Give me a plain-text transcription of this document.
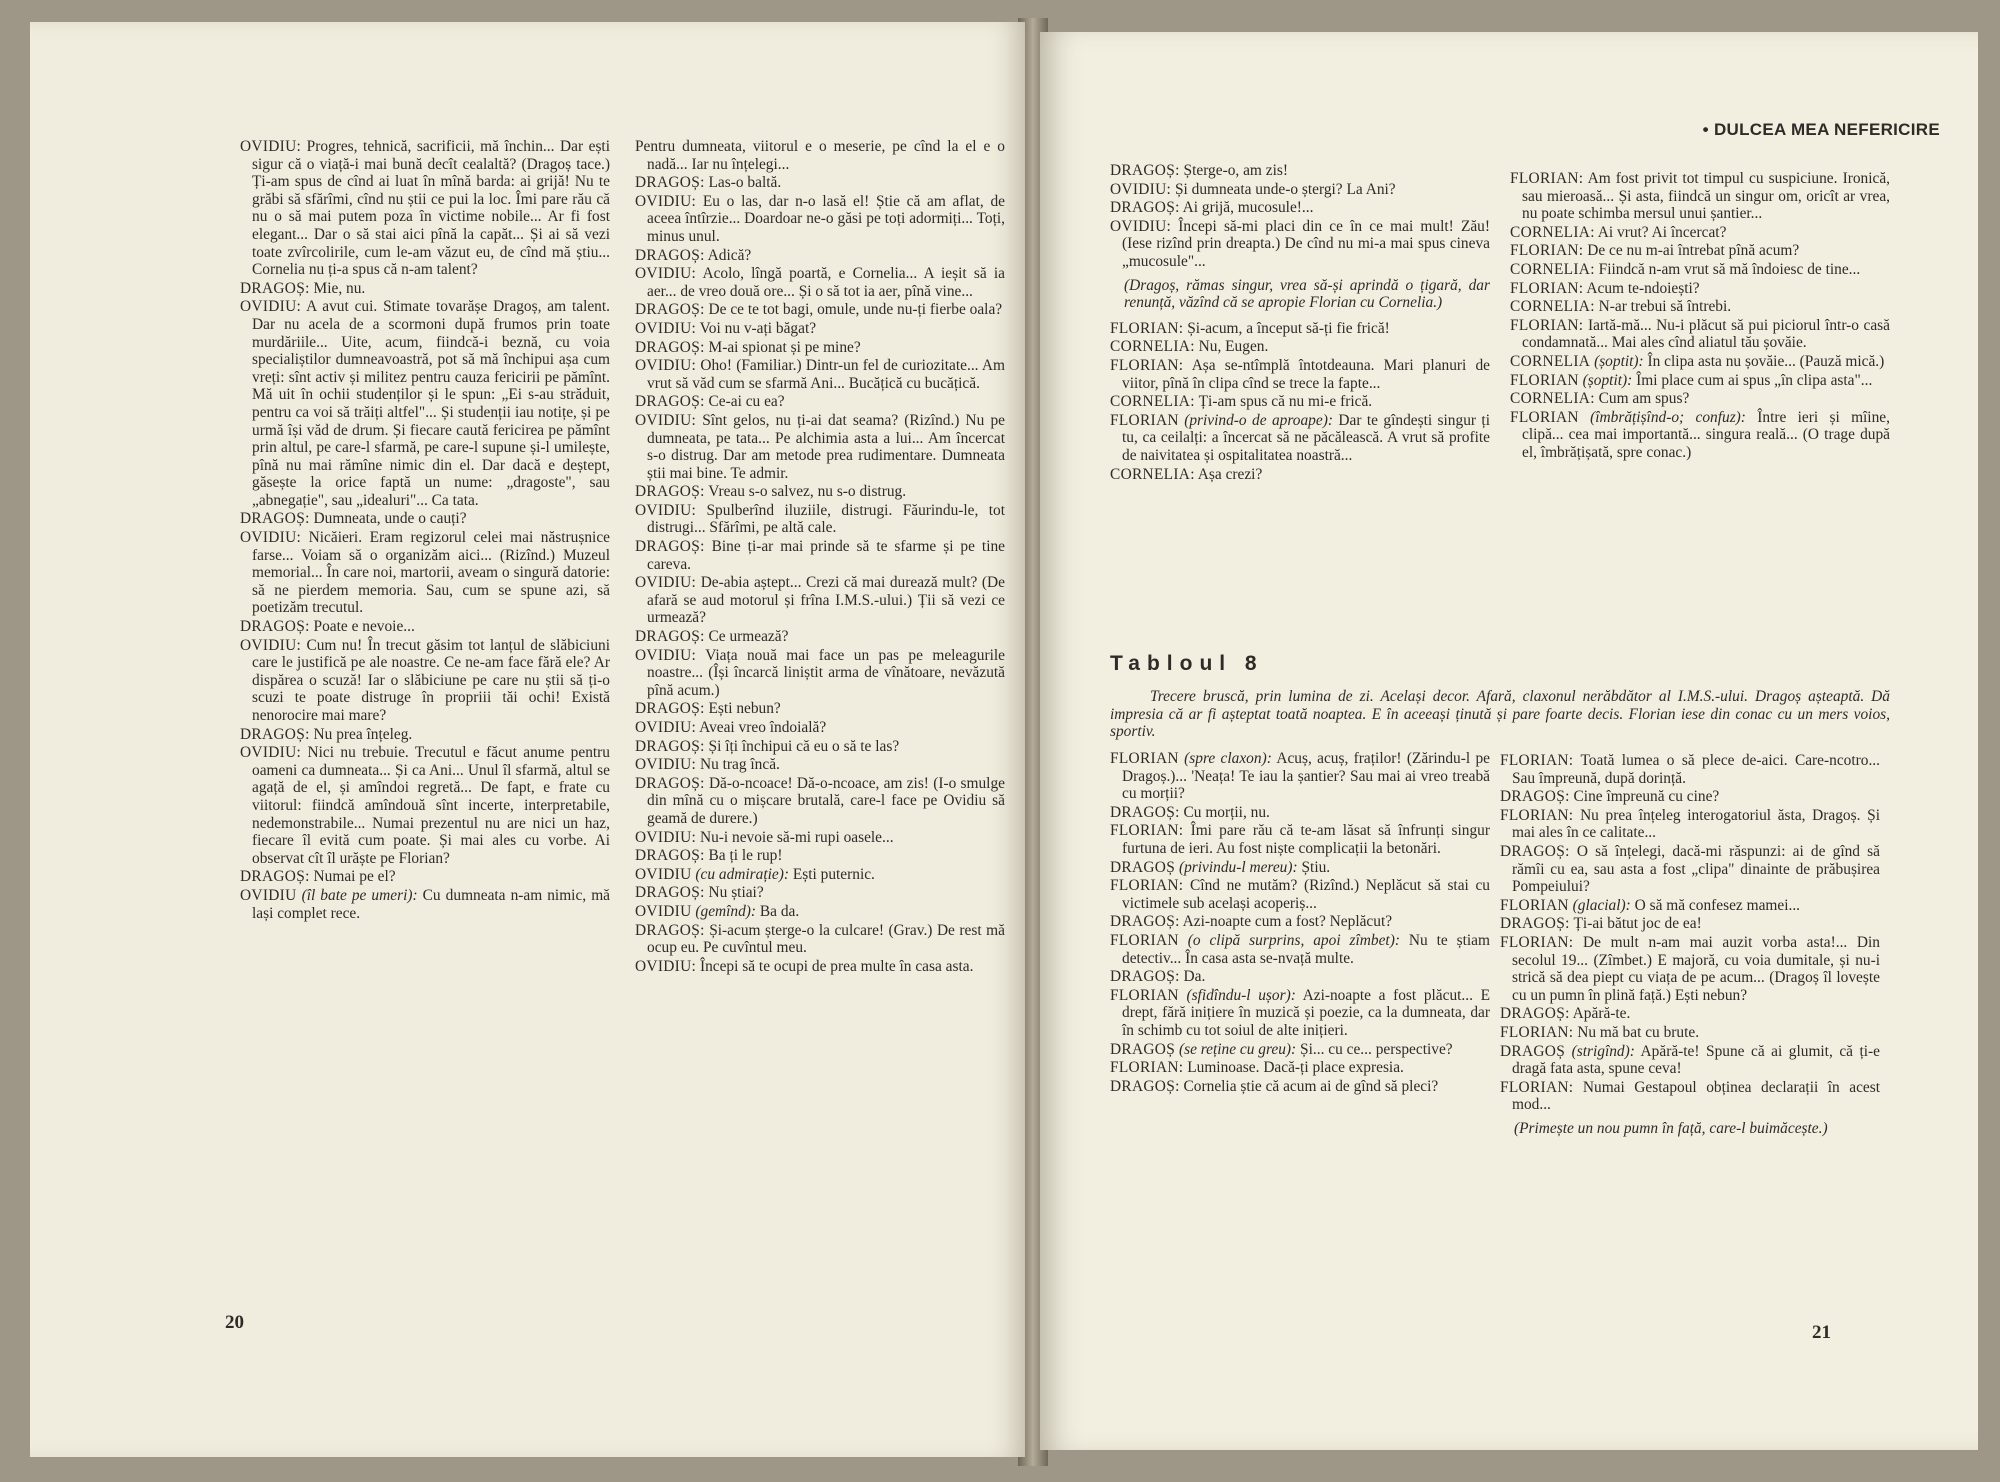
OVIDIU: Progres, tehnică, sacrificii, mă închin... Dar ești sigur că o viață-i mai bună decît cealaltă? (Dragoș tace.) Ți-am spus de cînd ai luat în mînă barda: ai grijă! Nu te grăbi să sfărîmi, cînd nu știi ce pui la loc. Îmi pare rău că nu o să mai putem poza în victime nobile... Ar fi fost elegant... Dar o să stai aici pînă la capăt... Și ai să vezi toate zvîrcolirile, cum le-am văzut eu, de cînd mă știu... Cornelia nu ți-a spus că n-am talent?

DRAGOȘ: Mie, nu.

OVIDIU: A avut cui. Stimate tovarășe Dragoș, am talent. Dar nu acela de a scormoni după frumos prin toate murdăriile... Uite, acum, fiindcă-i beznă, cu voia specialiștilor dumneavoastră, pot să mă închipui așa cum vreți: sînt activ și militez pentru cauza fericirii pe pămînt. Mă uit în ochii studenților și le spun: „Ei s-au străduit, pentru ca voi să trăiți altfel"... Și studenții iau notițe, și pe urmă își văd de drum. Și fiecare caută fericirea pe pămînt prin altul, pe care-l sfarmă, pe care-l supune și-l umilește, pînă nu mai rămîne nimic din el. Dar dacă e deștept, găsește la orice faptă un nume: „dragoste", sau „abnegație", sau „idealuri"... Ca tata.

DRAGOȘ: Dumneata, unde o cauți?

OVIDIU: Nicăieri. Eram regizorul celei mai năstrușnice farse... Voiam să o organizăm aici... (Rizînd.) Muzeul memorial... În care noi, martorii, aveam o singură datorie: să ne pierdem memoria. Sau, cum se spune azi, să poetizăm trecutul.

DRAGOȘ: Poate e nevoie...

OVIDIU: Cum nu! În trecut găsim tot lanțul de slăbiciuni care le justifică pe ale noastre. Ce ne-am face fără ele? Ar dispărea o scuză! Iar o slăbiciune pe care nu știi să ți-o scuzi te poate distruge în propriii tăi ochi! Există nenorocire mai mare?

DRAGOȘ: Nu prea înțeleg.

OVIDIU: Nici nu trebuie. Trecutul e făcut anume pentru oameni ca dumneata... Și ca Ani... Unul îl sfarmă, altul se agață de el, și amîndoi regretă... De fapt, e frate cu viitorul: fiindcă amîndouă sînt incerte, interpretabile, nedemonstrabile... Numai prezentul nu are nici un haz, fiecare îl evită cum poate. Și mai ales cu vorbe. Ai observat cît îl urăște pe Florian?

DRAGOȘ: Numai pe el?

OVIDIU (îl bate pe umeri): Cu dumneata n-am nimic, mă lași complet rece.

Pentru dumneata, viitorul e o meserie, pe cînd la el e o nadă... Iar nu înțelegi...

DRAGOȘ: Las-o baltă.

OVIDIU: Eu o las, dar n-o lasă el! Știe că am aflat, de aceea întîrzie... Doardoar ne-o găsi pe toți adormiți... Toți, minus unul.

DRAGOȘ: Adică?

OVIDIU: Acolo, lîngă poartă, e Cornelia... A ieșit să ia aer... de vreo două ore... Și o să tot ia aer, pînă vine...

DRAGOȘ: De ce te tot bagi, omule, unde nu-ți fierbe oala?

OVIDIU: Voi nu v-ați băgat?

DRAGOȘ: M-ai spionat și pe mine?

OVIDIU: Oho! (Familiar.) Dintr-un fel de curiozitate... Am vrut să văd cum se sfarmă Ani... Bucățică cu bucățică.

DRAGOȘ: Ce-ai cu ea?

OVIDIU: Sînt gelos, nu ți-ai dat seama? (Rizînd.) Nu pe dumneata, pe tata... Pe alchimia asta a lui... Am încercat s-o distrug. Dar am metode prea rudimentare. Dumneata știi mai bine. Te admir.

DRAGOȘ: Vreau s-o salvez, nu s-o distrug.

OVIDIU: Spulberînd iluziile, distrugi. Făurindu-le, tot distrugi... Sfărîmi, pe altă cale.

DRAGOȘ: Bine ți-ar mai prinde să te sfarme și pe tine careva.

OVIDIU: De-abia aștept... Crezi că mai durează mult? (De afară se aud motorul și frîna I.M.S.-ului.) Ții să vezi ce urmează?

DRAGOȘ: Ce urmează?

OVIDIU: Viața nouă mai face un pas pe meleagurile noastre... (Își încarcă liniștit arma de vînătoare, nevăzută pînă acum.)

DRAGOȘ: Ești nebun?

OVIDIU: Aveai vreo îndoială?

DRAGOȘ: Și îți închipui că eu o să te las?

OVIDIU: Nu trag încă.

DRAGOȘ: Dă-o-ncoace! Dă-o-ncoace, am zis! (I-o smulge din mînă cu o mișcare brutală, care-l face pe Ovidiu să geamă de durere.)

OVIDIU: Nu-i nevoie să-mi rupi oasele...

DRAGOȘ: Ba ți le rup!

OVIDIU (cu admirație): Ești puternic.

DRAGOȘ: Nu știai?

OVIDIU (gemînd): Ba da.

DRAGOȘ: Și-acum șterge-o la culcare! (Grav.) De rest mă ocup eu. Pe cuvîntul meu.

OVIDIU: Începi să te ocupi de prea multe în casa asta.

20
• DULCEA MEA NEFERICIRE

DRAGOȘ: Șterge-o, am zis!

OVIDIU: Și dumneata unde-o ștergi? La Ani?

DRAGOȘ: Ai grijă, mucosule!...

OVIDIU: Începi să-mi placi din ce în ce mai mult! Zău! (Iese rizînd prin dreapta.) De cînd nu mi-a mai spus cineva „mucosule"...

(Dragoș, rămas singur, vrea să-și aprindă o țigară, dar renunță, văzînd că se apropie Florian cu Cornelia.)

FLORIAN: Și-acum, a început să-ți fie frică!

CORNELIA: Nu, Eugen.

FLORIAN: Așa se-ntîmplă întotdeauna. Mari planuri de viitor, pînă în clipa cînd se trece la fapte...

CORNELIA: Ți-am spus că nu mi-e frică.

FLORIAN (privind-o de aproape): Dar te gîndești singur ți tu, ca ceilalți: a încercat să ne păcălească. A vrut să profite de naivitatea și ospitalitatea noastră...

CORNELIA: Așa crezi?

FLORIAN: Am fost privit tot timpul cu suspiciune. Ironică, sau mieroasă... Și asta, fiindcă un singur om, oricît ar vrea, nu poate schimba mersul unui șantier...

CORNELIA: Ai vrut? Ai încercat?

FLORIAN: De ce nu m-ai întrebat pînă acum?

CORNELIA: Fiindcă n-am vrut să mă îndoiesc de tine...

FLORIAN: Acum te-ndoiești?

CORNELIA: N-ar trebui să întrebi.

FLORIAN: Iartă-mă... Nu-i plăcut să pui piciorul într-o casă condamnată... Mai ales cînd aliatul tău șovăie.

CORNELIA (șoptit): În clipa asta nu șovăie... (Pauză mică.)

FLORIAN (șoptit): Îmi place cum ai spus „în clipa asta"...

CORNELIA: Cum am spus?

FLORIAN (îmbrățișînd-o; confuz): Între ieri și mîine, clipă... cea mai importantă... singura reală... (O trage după el, îmbrățișată, spre conac.)

Tabloul 8
Trecere bruscă, prin lumina de zi. Același decor. Afară, claxonul nerăbdător al I.M.S.-ului. Dragoș așteaptă. Dă impresia că ar fi așteptat toată noaptea. E în aceeași ținută și pare foarte decis. Florian iese din conac cu un mers voios, sportiv.

FLORIAN (spre claxon): Acuș, acuș, fraților! (Zărindu-l pe Dragoș.)... 'Neața! Te iau la șantier? Sau mai ai vreo treabă cu morții?

DRAGOȘ: Cu morții, nu.

FLORIAN: Îmi pare rău că te-am lăsat să înfrunți singur furtuna de ieri. Au fost niște complicații la betonări.

DRAGOȘ (privindu-l mereu): Știu.

FLORIAN: Cînd ne mutăm? (Rizînd.) Neplăcut să stai cu victimele sub același acoperiș...

DRAGOȘ: Azi-noapte cum a fost? Neplăcut?

FLORIAN (o clipă surprins, apoi zîmbet): Nu te știam detectiv... În casa asta se-nvață multe.

DRAGOȘ: Da.

FLORIAN (sfidîndu-l ușor): Azi-noapte a fost plăcut... E drept, fără inițiere în muzică și poezie, ca la dumneata, dar în schimb cu tot soiul de alte inițieri.

DRAGOȘ (se reține cu greu): Și... cu ce... perspective?

FLORIAN: Luminoase. Dacă-ți place expresia.

DRAGOȘ: Cornelia știe că acum ai de gînd să pleci?

FLORIAN: Toată lumea o să plece de-aici. Care-ncotro... Sau împreună, după dorință.

DRAGOȘ: Cine împreună cu cine?

FLORIAN: Nu prea înțeleg interogatoriul ăsta, Dragoș. Și mai ales în ce calitate...

DRAGOȘ: O să înțelegi, dacă-mi răspunzi: ai de gînd să rămîi cu ea, sau asta a fost „clipa" dinainte de prăbușirea Pompeiului?

FLORIAN (glacial): O să mă confesez mamei...

DRAGOȘ: Ți-ai bătut joc de ea!

FLORIAN: De mult n-am mai auzit vorba asta!... Din secolul 19... (Zîmbet.) E majoră, cu voia dumitale, și nu-i strică să dea piept cu viața de pe acum... (Dragoș îl lovește cu un pumn în plină față.) Ești nebun?

DRAGOȘ: Apără-te.

FLORIAN: Nu mă bat cu brute.

DRAGOȘ (strigînd): Apără-te! Spune că ai glumit, că ți-e dragă fata asta, spune ceva!

FLORIAN: Numai Gestapoul obținea declarații în acest mod...

(Primește un nou pumn în față, care-l buimăcește.)

21
